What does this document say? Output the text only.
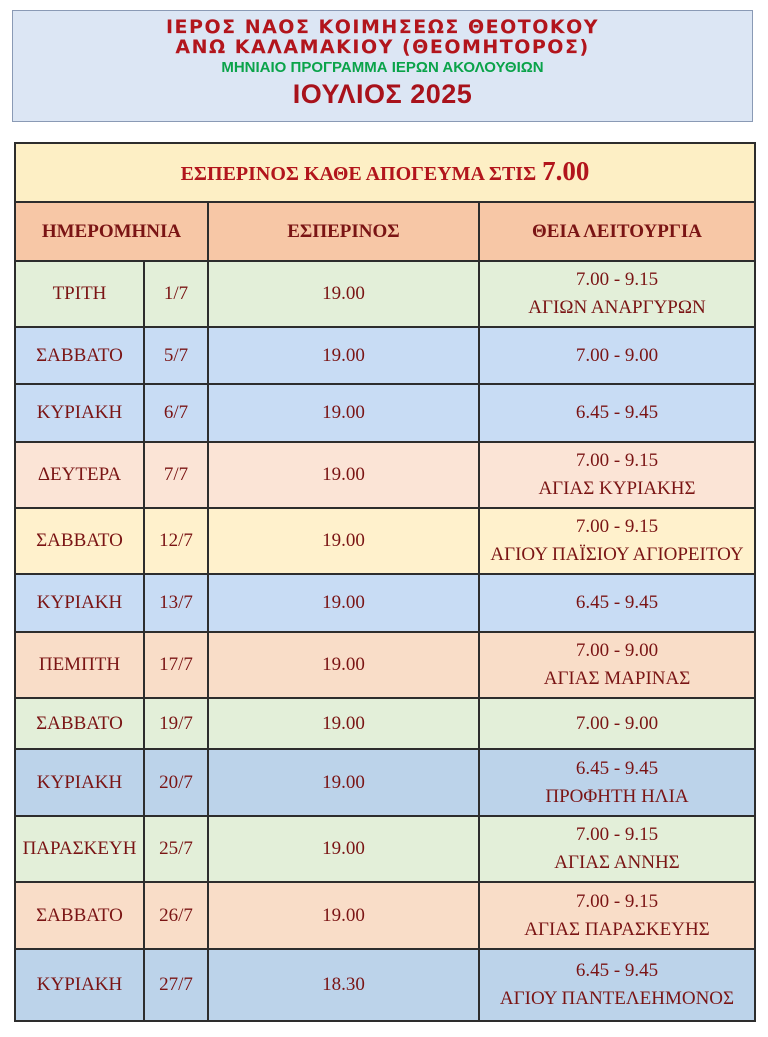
ΙΕΡΟΣ ΝΑΟΣ ΚΟΙΜΗΣΕΩΣ ΘΕΟΤΟΚΟΥ
ΑΝΩ ΚΑΛΑΜΑΚΙΟΥ (ΘΕΟΜΗΤΟΡΟΣ)
ΜΗΝΙΑΙΟ ΠΡΟΓΡΑΜΜΑ ΙΕΡΩΝ ΑΚΟΛΟΥΘΙΩΝ
ΙΟΥΛΙΟΣ 2025
ΕΣΠΕΡΙΝΟΣ ΚΑΘΕ ΑΠΟΓΕΥΜΑ ΣΤΙΣ 7.00			
ΗΜΕΡΟΜΗΝΙΑ		ΕΣΠΕΡΙΝΟΣ	ΘΕΙΑ ΛΕΙΤΟΥΡΓΙΑ
ΤΡΙΤΗ	1/7	19.00	7.00 - 9.15
ΑΓΙΩΝ ΑΝΑΡΓΥΡΩΝ

ΣΑΒΒΑΤΟ	5/7	19.00	7.00 - 9.00

ΚΥΡΙΑΚΗ	6/7	19.00	6.45 - 9.45

ΔΕΥΤΕΡΑ	7/7	19.00	7.00 - 9.15
ΑΓΙΑΣ ΚΥΡΙΑΚΗΣ

ΣΑΒΒΑΤΟ	12/7	19.00	7.00 - 9.15
ΑΓΙΟΥ ΠΑΪΣΙΟΥ ΑΓΙΟΡΕΙΤΟΥ

ΚΥΡΙΑΚΗ	13/7	19.00	6.45 - 9.45

ΠΕΜΠΤΗ	17/7	19.00	7.00 - 9.00
ΑΓΙΑΣ ΜΑΡΙΝΑΣ

ΣΑΒΒΑΤΟ	19/7	19.00	7.00 - 9.00

ΚΥΡΙΑΚΗ	20/7	19.00	6.45 - 9.45
ΠΡΟΦΗΤΗ ΗΛΙΑ

ΠΑΡΑΣΚΕΥΗ	25/7	19.00	7.00 - 9.15
ΑΓΙΑΣ ΑΝΝΗΣ

ΣΑΒΒΑΤΟ	26/7	19.00	7.00 - 9.15
ΑΓΙΑΣ ΠΑΡΑΣΚΕΥΗΣ

ΚΥΡΙΑΚΗ	27/7	18.30	6.45 - 9.45
ΑΓΙΟΥ ΠΑΝΤΕΛΕΗΜΟΝΟΣ
